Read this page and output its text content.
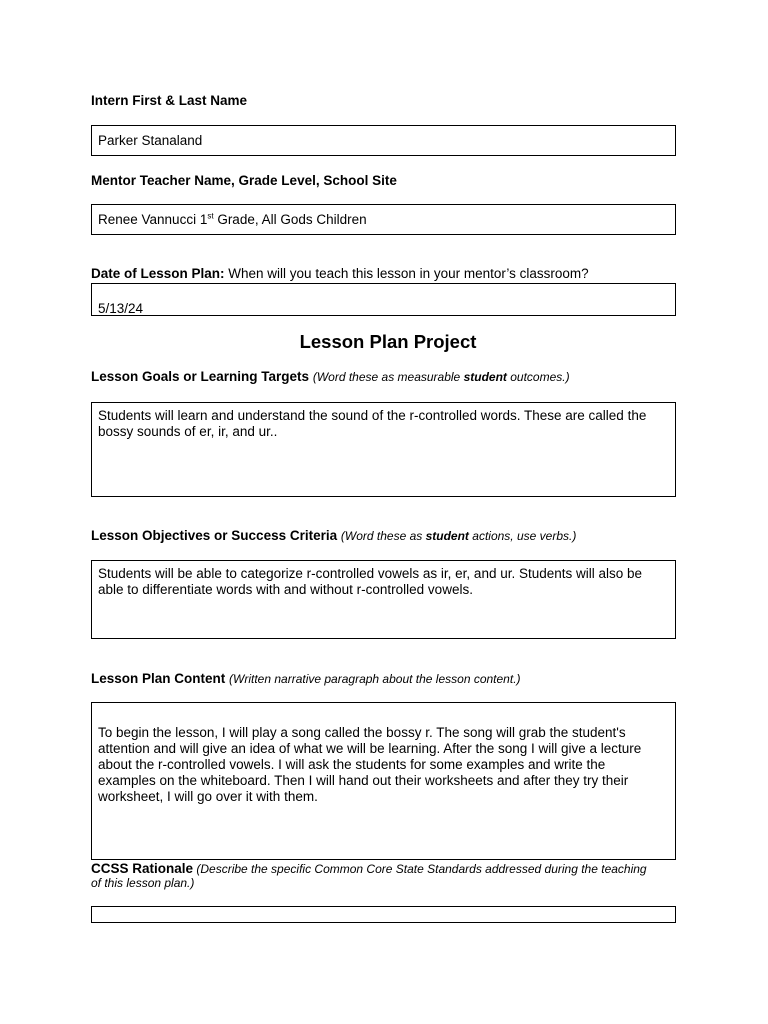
Intern First & Last Name
Parker Stanaland
Mentor Teacher Name, Grade Level, School Site
Renee Vannucci 1st Grade, All Gods Children
Date of Lesson Plan: When will you teach this lesson in your mentor’s classroom?
5/13/24
Lesson Plan Project
Lesson Goals or Learning Targets (Word these as measurable student outcomes.)
Students will learn and understand the sound of the r-controlled words. These are called the
bossy sounds of er, ir, and ur..
Lesson Objectives or Success Criteria (Word these as student actions, use verbs.)
Students will be able to categorize r-controlled vowels as ir, er, and ur. Students will also be
able to differentiate words with and without r-controlled vowels.
Lesson Plan Content (Written narrative paragraph about the lesson content.)
To begin the lesson, I will play a song called the bossy r. The song will grab the student's
attention and will give an idea of what we will be learning. After the song I will give a lecture
about the r-controlled vowels. I will ask the students for some examples and write the
examples on the whiteboard. Then I will hand out their worksheets and after they try their
worksheet, I will go over it with them.
CCSS Rationale (Describe the specific Common Core State Standards addressed during the teaching
of this lesson plan.)
